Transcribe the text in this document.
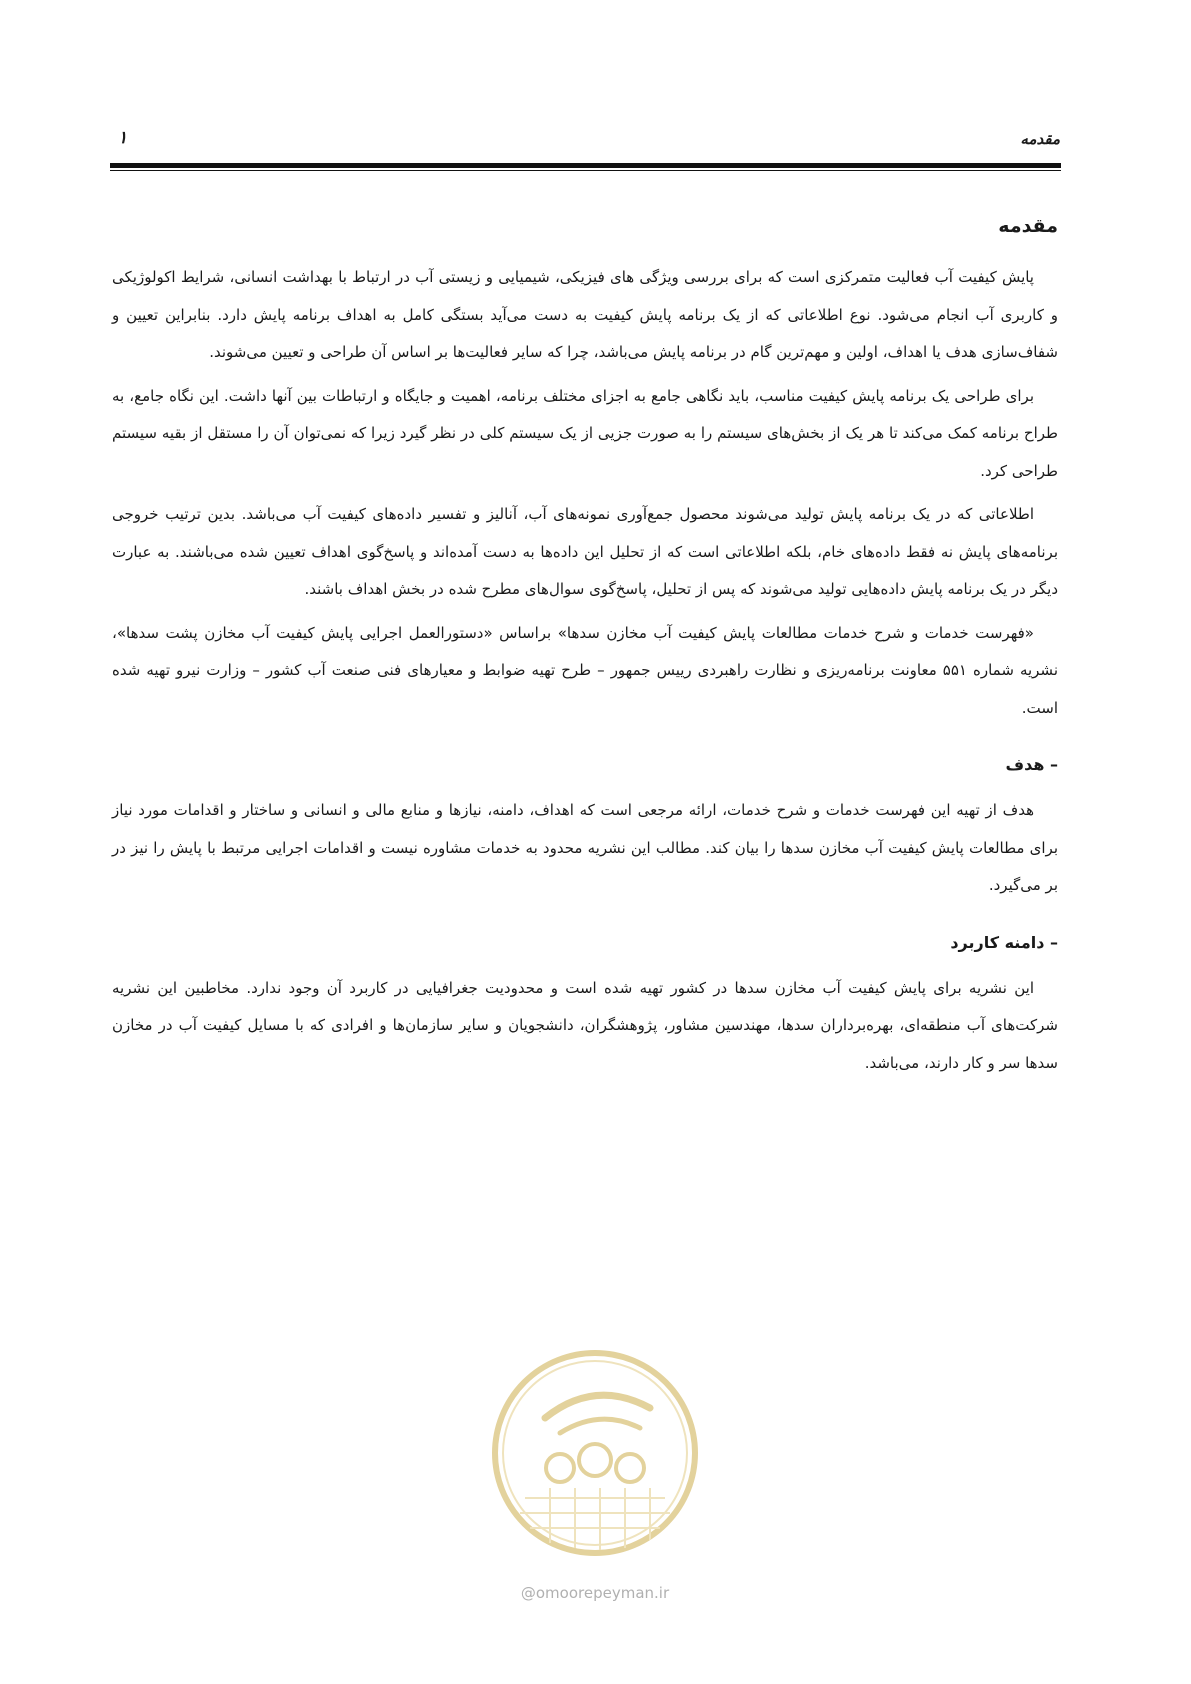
مقدمه
۱
مقدمه

پایش کیفیت آب فعالیت متمرکزی است که برای بررسی ویژگی های فیزیکی، شیمیایی و زیستی آب در ارتباط با بهداشت انسانی، شرایط اکولوژیکی و کاربری آب انجام می‌شود. نوع اطلاعاتی که از یک برنامه پایش کیفیت به دست می‌آید بستگی کامل به اهداف برنامه پایش دارد. بنابراین تعیین و شفاف‌سازی هدف یا اهداف، اولین و مهم‌ترین گام در برنامه پایش می‌باشد، چرا که سایر فعالیت‌ها بر اساس آن طراحی و تعیین می‌شوند.

برای طراحی یک برنامه پایش کیفیت مناسب، باید نگاهی جامع به اجزای مختلف برنامه، اهمیت و جایگاه و ارتباطات بین آنها داشت. این نگاه جامع، به طراح برنامه کمک می‌کند تا هر یک از بخش‌های سیستم را به صورت جزیی از یک سیستم کلی در نظر گیرد زیرا که نمی‌توان آن را مستقل از بقیه سیستم طراحی کرد.

اطلاعاتی که در یک برنامه پایش تولید می‌شوند محصول جمع‌آوری نمونه‌های آب، آنالیز و تفسیر داده‌های کیفیت آب می‌باشد. بدین ترتیب خروجی برنامه‌های پایش نه فقط داده‌های خام، بلکه اطلاعاتی است که از تحلیل این داده‌ها به دست آمده‌اند و پاسخ‌گوی اهداف تعیین شده می‌باشند. به عبارت دیگر در یک برنامه پایش داده‌هایی تولید می‌شوند که پس از تحلیل، پاسخ‌گوی سوال‌های مطرح شده در بخش اهداف باشند.

«فهرست خدمات و شرح خدمات مطالعات پایش کیفیت آب مخازن سدها» براساس «دستورالعمل اجرایی پایش کیفیت آب مخازن پشت سدها»، نشریه شماره ۵۵۱ معاونت برنامه‌ریزی و نظارت راهبردی رییس جمهور – طرح تهیه ضوابط و معیارهای فنی صنعت آب کشور – وزارت نیرو تهیه شده است.

– هدف

هدف از تهیه این فهرست خدمات و شرح خدمات، ارائه مرجعی است که اهداف، دامنه، نیازها و منابع مالی و انسانی و ساختار و اقدامات مورد نیاز برای مطالعات پایش کیفیت آب مخازن سدها را بیان کند. مطالب این نشریه محدود به خدمات مشاوره نیست و اقدامات اجرایی مرتبط با پایش را نیز در بر می‌گیرد.

– دامنه کاربرد

این نشریه برای پایش کیفیت آب مخازن سدها در کشور تهیه شده است و محدودیت جغرافیایی در کاربرد آن وجود ندارد. مخاطبین این نشریه شرکت‌های آب منطقه‌ای، بهره‌برداران سدها، مهندسین مشاور، پژوهشگران، دانشجویان و سایر سازمان‌ها و افرادی که با مسایل کیفیت آب در مخازن سدها سر و کار دارند، می‌باشد.

@omoorepeyman.ir
